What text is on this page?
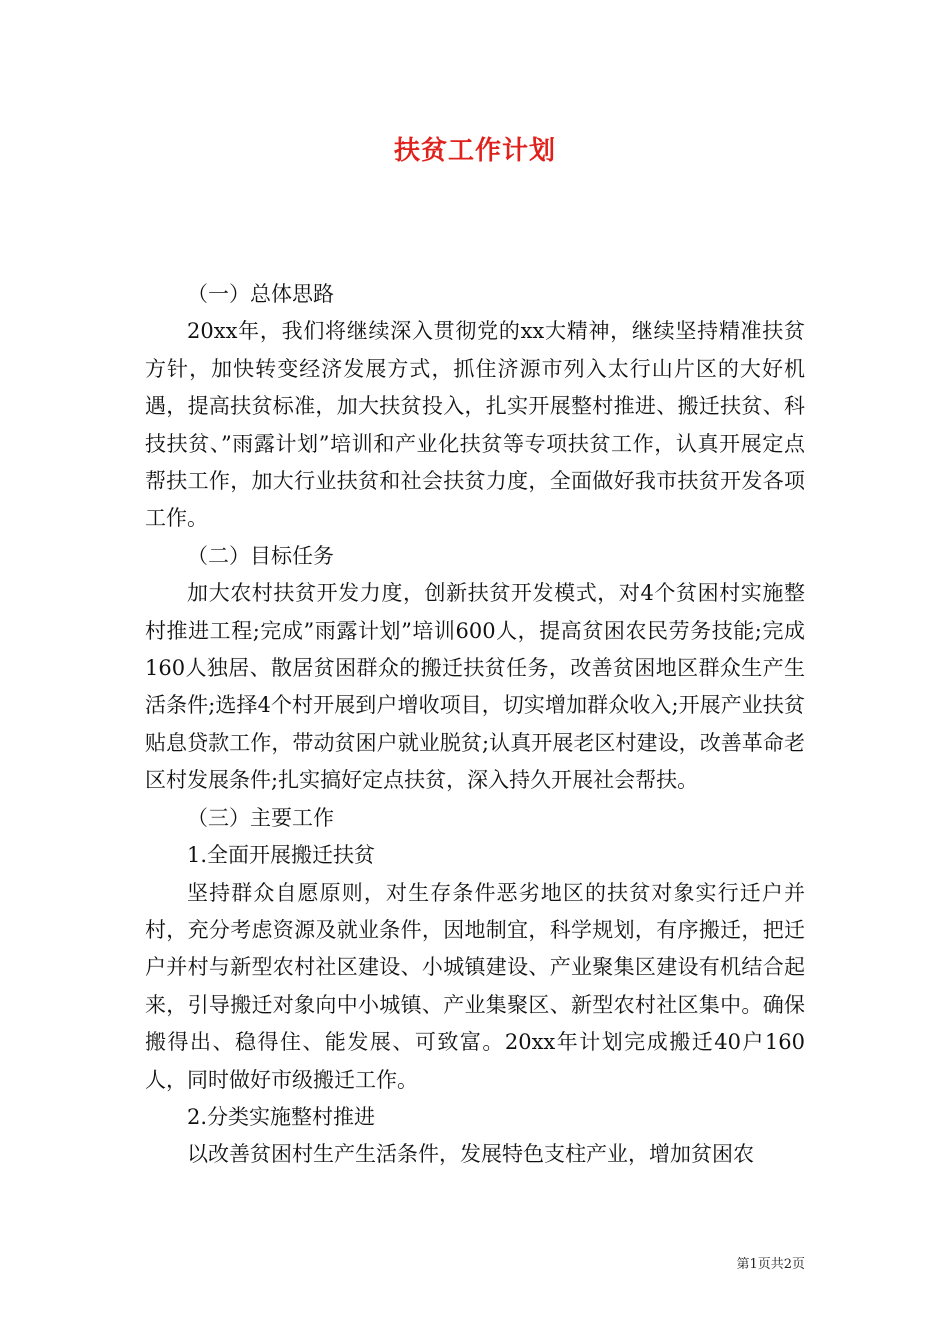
扶贫工作计划

（一）总体思路

20xx年，我们将继续深入贯彻党的xx大精神，继续坚持精准扶贫方针，加快转变经济发展方式，抓住济源市列入太行山片区的大好机遇，提高扶贫标准，加大扶贫投入，扎实开展整村推进、搬迁扶贫、科技扶贫、”雨露计划”培训和产业化扶贫等专项扶贫工作，认真开展定点帮扶工作，加大行业扶贫和社会扶贫力度，全面做好我市扶贫开发各项工作。

（二）目标任务

加大农村扶贫开发力度，创新扶贫开发模式，对4个贫困村实施整村推进工程;完成”雨露计划”培训600人，提高贫困农民劳务技能;完成160人独居、散居贫困群众的搬迁扶贫任务，改善贫困地区群众生产生活条件;选择4个村开展到户增收项目，切实增加群众收入;开展产业扶贫贴息贷款工作，带动贫困户就业脱贫;认真开展老区村建设，改善革命老区村发展条件;扎实搞好定点扶贫，深入持久开展社会帮扶。

（三）主要工作

1.全面开展搬迁扶贫

坚持群众自愿原则，对生存条件恶劣地区的扶贫对象实行迁户并村，充分考虑资源及就业条件，因地制宜，科学规划，有序搬迁，把迁户并村与新型农村社区建设、小城镇建设、产业聚集区建设有机结合起来，引导搬迁对象向中小城镇、产业集聚区、新型农村社区集中。确保搬得出、稳得住、能发展、可致富。20xx年计划完成搬迁40户160人，同时做好市级搬迁工作。

2.分类实施整村推进

以改善贫困村生产生活条件，发展特色支柱产业，增加贫困农

第1页共2页
